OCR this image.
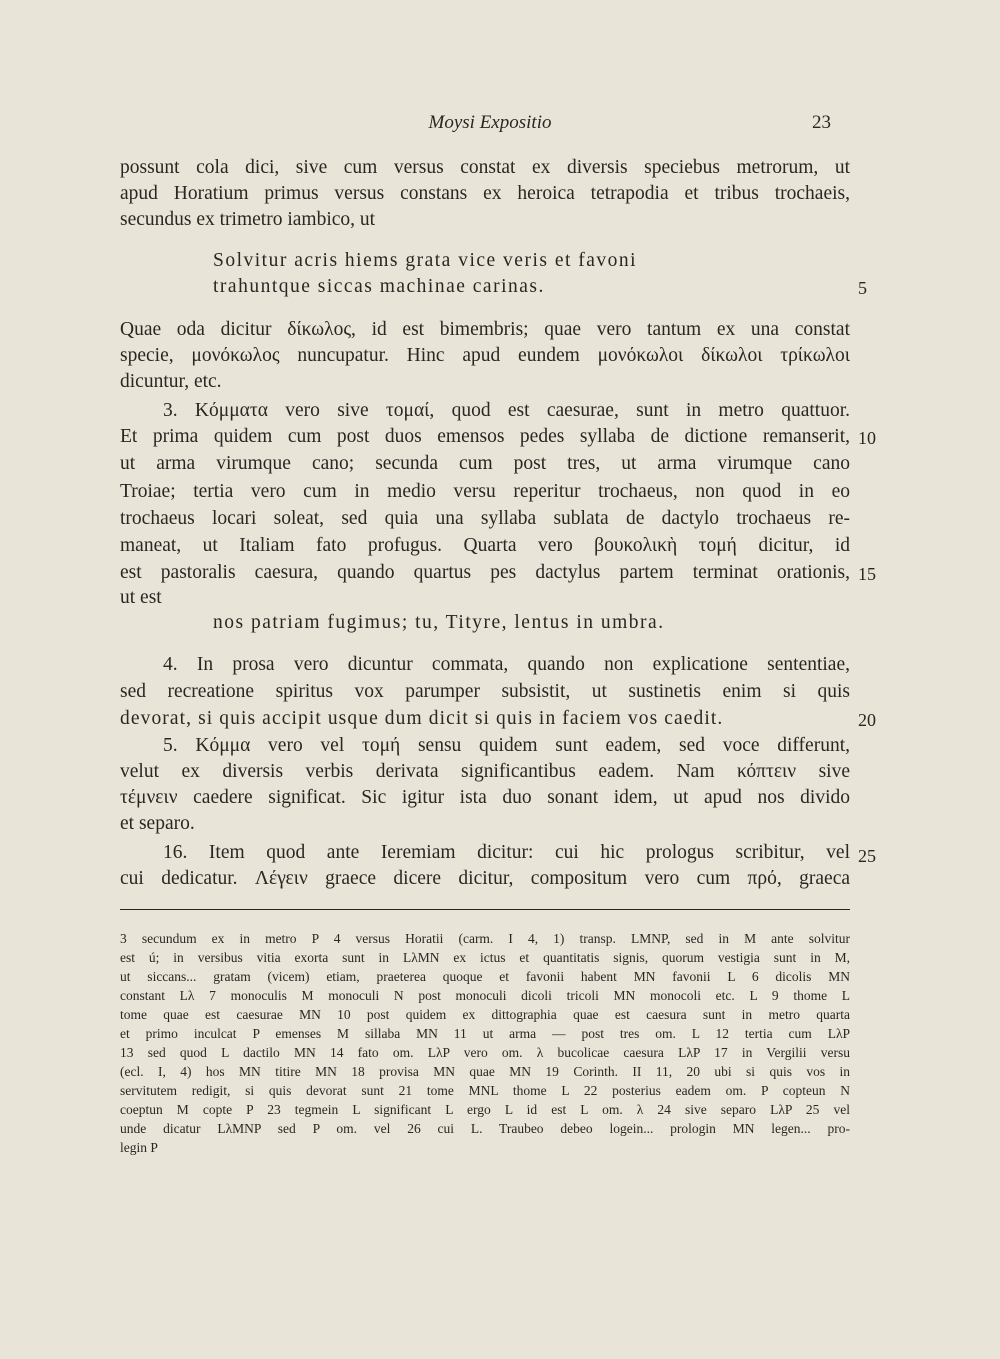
Moysi Expositio	23
possunt cola dici, sive cum versus constat ex diversis speciebus metrorum, ut
apud Horatium primus versus constans ex heroica tetrapodia et tribus trochaeis,
secundus ex trimetro iambico, ut
Solvitur acris hiems grata vice veris et favoni
trahuntque siccas machinae carinas.	5
Quae oda dicitur δίκωλος, id est bimembris; quae vero tantum ex una constat
specie, μονόκωλος nuncupatur. Hinc apud eundem μονόκωλοι δίκωλοι τρίκωλοι
dicuntur, etc.
3. Κόμματα vero sive τομαί, quod est caesurae, sunt in metro quattuor.
Et prima quidem cum post duos emensos pedes syllaba de dictione remanserit, 10
ut arma virumque cano; secunda cum post tres, ut arma virumque cano
Troiae; tertia vero cum in medio versu reperitur trochaeus, non quod in eo
trochaeus locari soleat, sed quia una syllaba sublata de dactylo trochaeus re-
maneat, ut Italiam fato profugus. Quarta vero βουκολικὴ τομή dicitur, id
est pastoralis caesura, quando quartus pes dactylus partem terminat orationis, 15
ut est
nos patriam fugimus; tu, Tityre, lentus in umbra.
4. In prosa vero dicuntur commata, quando non explicatione sententiae,
sed recreatione spiritus vox parumper subsistit, ut sustinetis enim si quis
devorat, si quis accipit usque dum dicit si quis in faciem vos caedit.	20
5. Κόμμα vero vel τομή sensu quidem sunt eadem, sed voce differunt,
velut ex diversis verbis derivata significantibus eadem. Nam κόπτειν sive
τέμνειν caedere significat. Sic igitur ista duo sonant idem, ut apud nos divido
et separo.
16. Item quod ante Ieremiam dicitur: cui hic prologus scribitur, vel 25
cui dedicatur. Λέγειν graece dicere dicitur, compositum vero cum πρό, graeca
3 secundum ex in metro P 4 versus Horatii (carm. I 4, 1) transp. LMNP, sed in M ante solvitur
est ú; in versibus vitia exorta sunt in LλMN ex ictus et quantitatis signis, quorum vestigia sunt in M,
ut siccans... gratam (vicem) etiam, praeterea quoque et favonii habent MN favonii L 6 dicolis MN
constant Lλ 7 monoculis M monoculi N post monoculi dicoli tricoli MN monocoli etc. L 9 thome L
tome quae est caesurae MN 10 post quidem ex dittographia quae est caesura sunt in metro quarta
et primo inculcat P emenses M sillaba MN 11 ut arma — post tres om. L 12 tertia cum LλP
13 sed quod L dactilo MN 14 fato om. LλP vero om. λ bucolicae caesura LλP 17 in Vergilii versu
(ecl. I, 4) hos MN titire MN 18 provisa MN quae MN 19 Corinth. II 11, 20 ubi si quis vos in
servitutem redigit, si quis devorat sunt 21 tome MNL thome L 22 posterius eadem om. P copteun N
coeptun M copte P 23 tegmein L significant L ergo L id est L om. λ 24 sive separo LλP 25 vel
unde dicatur LλMNP sed P om. vel 26 cui L. Traubeo debeo logein... prologin MN legen... pro-
legin P
